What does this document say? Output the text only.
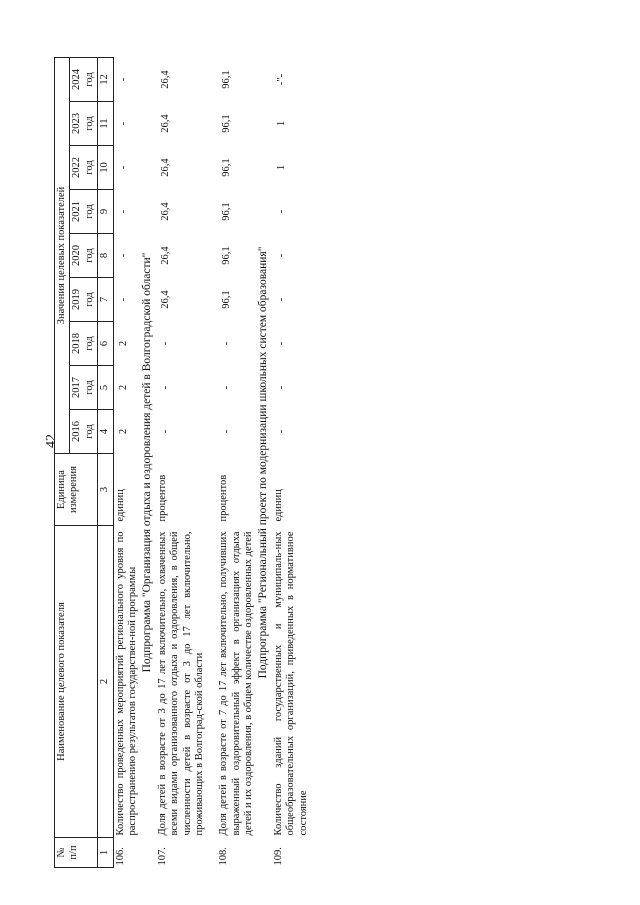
42
№
п/п	Наименование целевого показателя	Единица
измерения	Значения целевых показателей								
			2016
год	2017
год	2018
год	2019
год	2020
год	2021
год	2022
год	2023
год	2024
год
1	2	3	4	5	6	7	8	9	10	11	12
106.	Количество проведенных мероприятий регионального уровня по распространению результатов государствен-ной программы	единиц	2	2	2	-	-	-	-	-	-
Подпрограмма "Организация отдыха и оздоровления детей в Волгоградской области"											
107.	Доля детей в возрасте от 3 до 17 лет включительно, охваченных всеми видами организованного отдыха и оздоровления, в общей численности детей в возрасте от 3 до 17 лет включительно, проживающих в Волгоград-ской области	процентов	-	-	-	26,4	26,4	26,4	26,4	26,4	26,4

108.	Доля детей в возрасте от 7 до 17 лет включительно, получивших выраженный оздоровительный эффект в организациях отдыха детей и их оздоровления, в общем количестве оздоровленных детей	процентов	-	-	-	96,1	96,1	96,1	96,1	96,1	96,1
Подпрограмма "Региональный проект по модернизации школьных систем образования"											
109.	Количество зданий государственных и муниципаль-ных общеобразовательных организаций, приведенных в нормативное состояние	единиц	-	-	-	-	-	-	1	1	-"-
